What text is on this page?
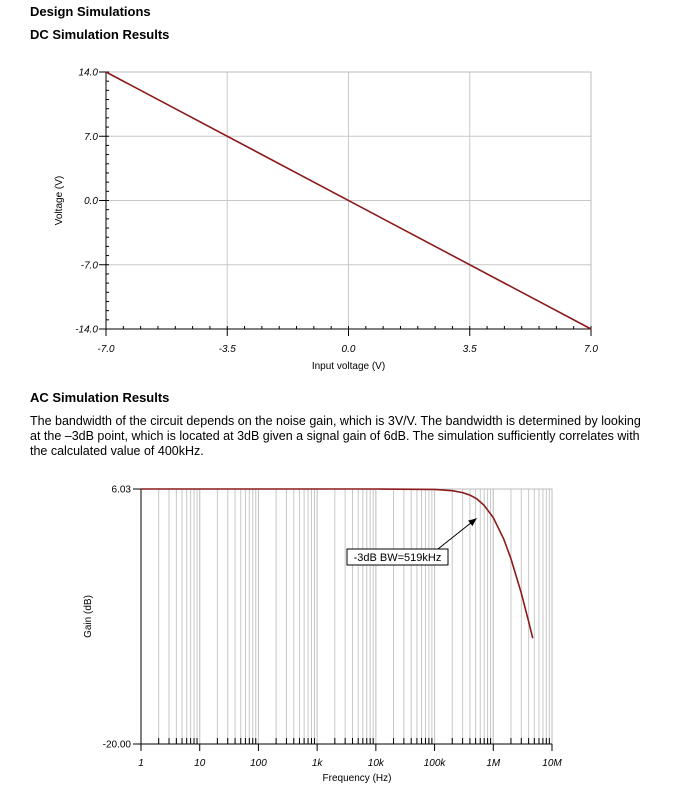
Design Simulations
DC Simulation Results
14.0
7.0
0.0
-7.0
-14.0
-7.0	-3.5	0.0	3.5	7.0
Input voltage (V)
Voltage (V)
AC Simulation Results

The bandwidth of the circuit depends on the noise gain, which is 3V/V. The bandwidth is determined by looking at the –3dB point, which is located at 3dB given a signal gain of 6dB. The simulation sufficiently correlates with the calculated value of 400kHz.

6.03
-20.00
1	10	100	1k	10k	100k	1M	10M
-3dB BW=519kHz
Frequency (Hz)
Gain (dB)
